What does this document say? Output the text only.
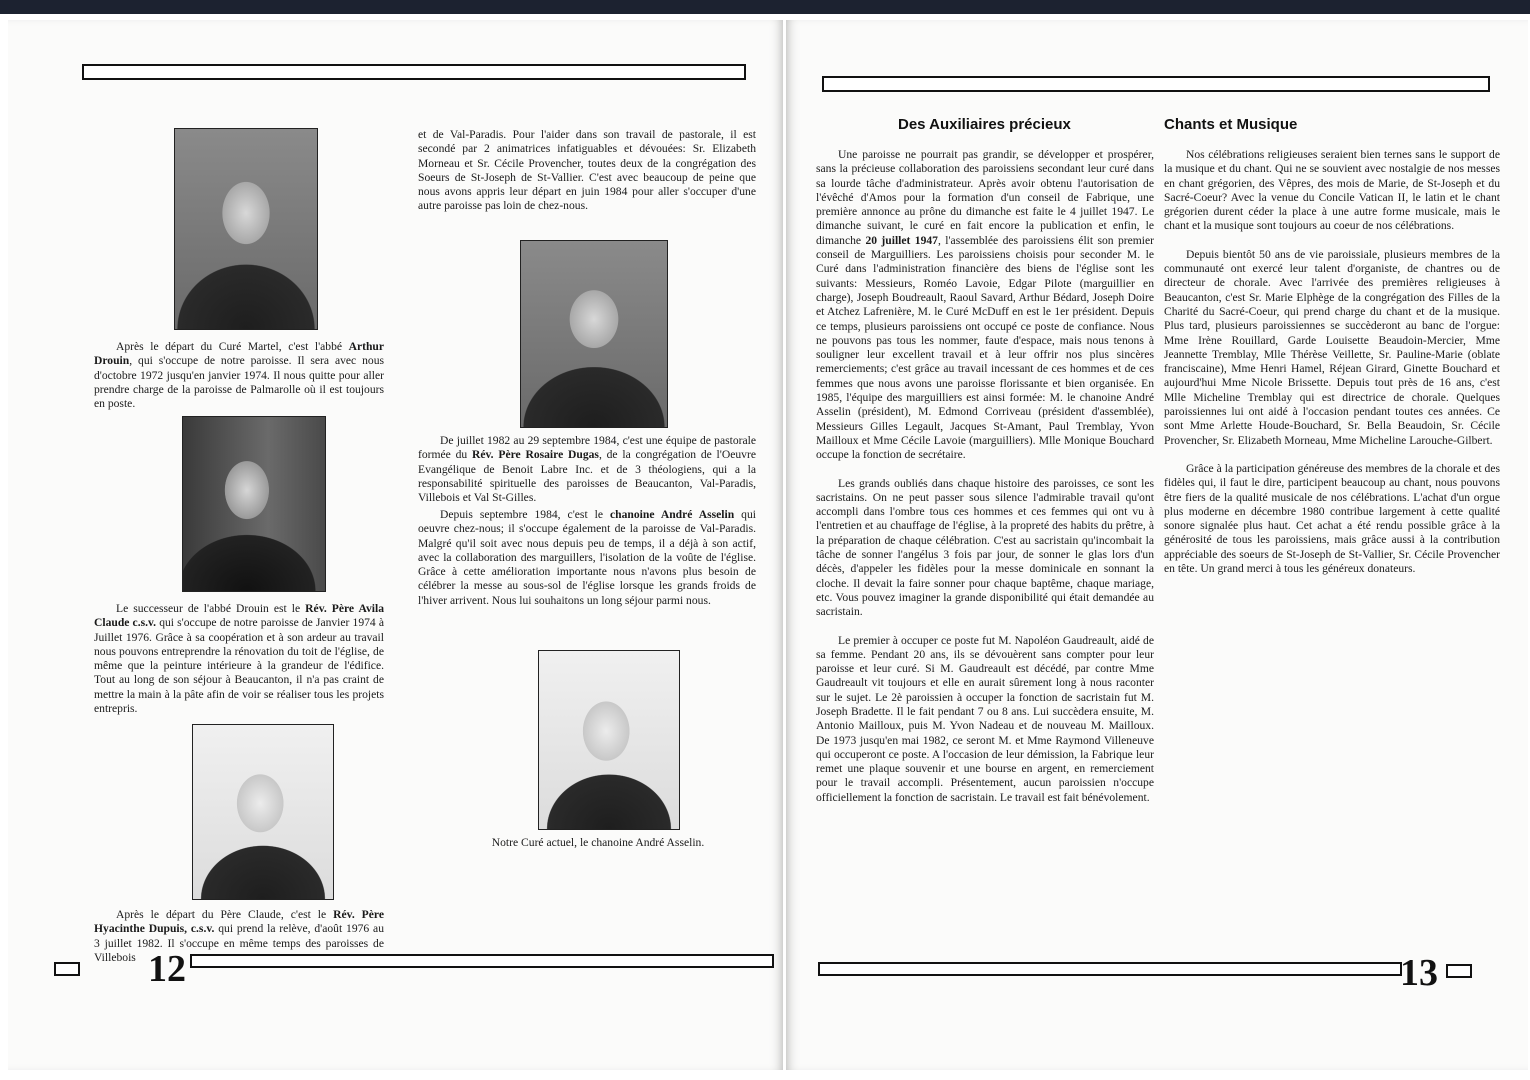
Après le départ du Curé Martel, c'est l'abbé Arthur Drouin, qui s'occupe de notre paroisse. Il sera avec nous d'octobre 1972 jusqu'en janvier 1974. Il nous quitte pour aller prendre charge de la paroisse de Palmarolle où il est toujours en poste.

Le successeur de l'abbé Drouin est le Rév. Père Avila Claude c.s.v. qui s'occupe de notre paroisse de Janvier 1974 à Juillet 1976. Grâce à sa coopération et à son ardeur au travail nous pouvons entreprendre la rénovation du toit de l'église, de même que la peinture intérieure à la grandeur de l'édifice. Tout au long de son séjour à Beaucanton, il n'a pas craint de mettre la main à la pâte afin de voir se réaliser tous les projets entrepris.

Après le départ du Père Claude, c'est le Rév. Père Hyacinthe Dupuis, c.s.v. qui prend la relève, d'août 1976 au 3 juillet 1982. Il s'occupe en même temps des paroisses de Villebois

et de Val-Paradis. Pour l'aider dans son travail de pastorale, il est secondé par 2 animatrices infatiguables et dévouées: Sr. Elizabeth Morneau et Sr. Cécile Provencher, toutes deux de la congrégation des Soeurs de St-Joseph de St-Vallier. C'est avec beaucoup de peine que nous avons appris leur départ en juin 1984 pour aller s'occuper d'une autre paroisse pas loin de chez-nous.

De juillet 1982 au 29 septembre 1984, c'est une équipe de pastorale formée du Rév. Père Rosaire Dugas, de la congrégation de l'Oeuvre Evangélique de Benoit Labre Inc. et de 3 théologiens, qui a la responsabilité spirituelle des paroisses de Beaucanton, Val-Paradis, Villebois et Val St-Gilles.

Depuis septembre 1984, c'est le chanoine André Asselin qui oeuvre chez-nous; il s'occupe également de la paroisse de Val-Paradis. Malgré qu'il soit avec nous depuis peu de temps, il a déjà à son actif, avec la collaboration des marguillers, l'isolation de la voûte de l'église. Grâce à cette amélioration importante nous n'avons plus besoin de célébrer la messe au sous-sol de l'église lorsque les grands froids de l'hiver arrivent. Nous lui souhaitons un long séjour parmi nous.

Notre Curé actuel, le chanoine André Asselin.
12
Des Auxiliaires précieux

Une paroisse ne pourrait pas grandir, se développer et prospérer, sans la précieuse collaboration des paroissiens secondant leur curé dans sa lourde tâche d'administrateur. Après avoir obtenu l'autorisation de l'évêché d'Amos pour la formation d'un conseil de Fabrique, une première annonce au prône du dimanche est faite le 4 juillet 1947. Le dimanche suivant, le curé en fait encore la publication et enfin, le dimanche 20 juillet 1947, l'assemblée des paroissiens élit son premier conseil de Marguilliers. Les paroissiens choisis pour seconder M. le Curé dans l'administration financière des biens de l'église sont les suivants: Messieurs, Roméo Lavoie, Edgar Pilote (marguillier en charge), Joseph Boudreault, Raoul Savard, Arthur Bédard, Joseph Doire et Atchez Lafrenière, M. le Curé McDuff en est le 1er président. Depuis ce temps, plusieurs paroissiens ont occupé ce poste de confiance. Nous ne pouvons pas tous les nommer, faute d'espace, mais nous tenons à souligner leur excellent travail et à leur offrir nos plus sincères remerciements; c'est grâce au travail incessant de ces hommes et de ces femmes que nous avons une paroisse florissante et bien organisée. En 1985, l'équipe des marguilliers est ainsi formée: M. le chanoine André Asselin (président), M. Edmond Corriveau (président d'assemblée), Messieurs Gilles Legault, Jacques St-Amant, Paul Tremblay, Yvon Mailloux et Mme Cécile Lavoie (marguilliers). Mlle Monique Bouchard occupe la fonction de secrétaire.

Les grands oubliés dans chaque histoire des paroisses, ce sont les sacristains. On ne peut passer sous silence l'admirable travail qu'ont accompli dans l'ombre tous ces hommes et ces femmes qui ont vu à l'entretien et au chauffage de l'église, à la propreté des habits du prêtre, à la préparation de chaque célébration. C'est au sacristain qu'incombait la tâche de sonner l'angélus 3 fois par jour, de sonner le glas lors d'un décès, d'appeler les fidèles pour la messe dominicale en sonnant la cloche. Il devait la faire sonner pour chaque baptême, chaque mariage, etc. Vous pouvez imaginer la grande disponibilité qui était demandée au sacristain.

Le premier à occuper ce poste fut M. Napoléon Gaudreault, aidé de sa femme. Pendant 20 ans, ils se dévouèrent sans compter pour leur paroisse et leur curé. Si M. Gaudreault est décédé, par contre Mme Gaudreault vit toujours et elle en aurait sûrement long à nous raconter sur le sujet. Le 2è paroissien à occuper la fonction de sacristain fut M. Joseph Bradette. Il le fait pendant 7 ou 8 ans. Lui succèdera ensuite, M. Antonio Mailloux, puis M. Yvon Nadeau et de nouveau M. Mailloux. De 1973 jusqu'en mai 1982, ce seront M. et Mme Raymond Villeneuve qui occuperont ce poste. A l'occasion de leur démission, la Fabrique leur remet une plaque souvenir et une bourse en argent, en remerciement pour le travail accompli. Présentement, aucun paroissien n'occupe officiellement la fonction de sacristain. Le travail est fait bénévolement.

Chants et Musique

Nos célébrations religieuses seraient bien ternes sans le support de la musique et du chant. Qui ne se souvient avec nostalgie de nos messes en chant grégorien, des Vêpres, des mois de Marie, de St-Joseph et du Sacré-Coeur? Avec la venue du Concile Vatican II, le latin et le chant grégorien durent céder la place à une autre forme musicale, mais le chant et la musique sont toujours au coeur de nos célébrations.

Depuis bientôt 50 ans de vie paroissiale, plusieurs membres de la communauté ont exercé leur talent d'organiste, de chantres ou de directeur de chorale. Avec l'arrivée des premières religieuses à Beaucanton, c'est Sr. Marie Elphège de la congrégation des Filles de la Charité du Sacré-Coeur, qui prend charge du chant et de la musique. Plus tard, plusieurs paroissiennes se succèderont au banc de l'orgue: Mme Irène Rouillard, Garde Louisette Beaudoin-Mercier, Mme Jeannette Tremblay, Mlle Thérèse Veillette, Sr. Pauline-Marie (oblate franciscaine), Mme Henri Hamel, Réjean Girard, Ginette Bouchard et aujourd'hui Mme Nicole Brissette. Depuis tout près de 16 ans, c'est Mlle Micheline Tremblay qui est directrice de chorale. Quelques paroissiennes lui ont aidé à l'occasion pendant toutes ces années. Ce sont Mme Arlette Houde-Bouchard, Sr. Bella Beaudoin, Sr. Cécile Provencher, Sr. Elizabeth Morneau, Mme Micheline Larouche-Gilbert.

Grâce à la participation généreuse des membres de la chorale et des fidèles qui, il faut le dire, participent beaucoup au chant, nous pouvons être fiers de la qualité musicale de nos célébrations. L'achat d'un orgue plus moderne en décembre 1980 contribue largement à cette qualité sonore signalée plus haut. Cet achat a été rendu possible grâce à la générosité de tous les paroissiens, mais grâce aussi à la contribution appréciable des soeurs de St-Joseph de St-Vallier, Sr. Cécile Provencher en tête. Un grand merci à tous les généreux donateurs.

13
